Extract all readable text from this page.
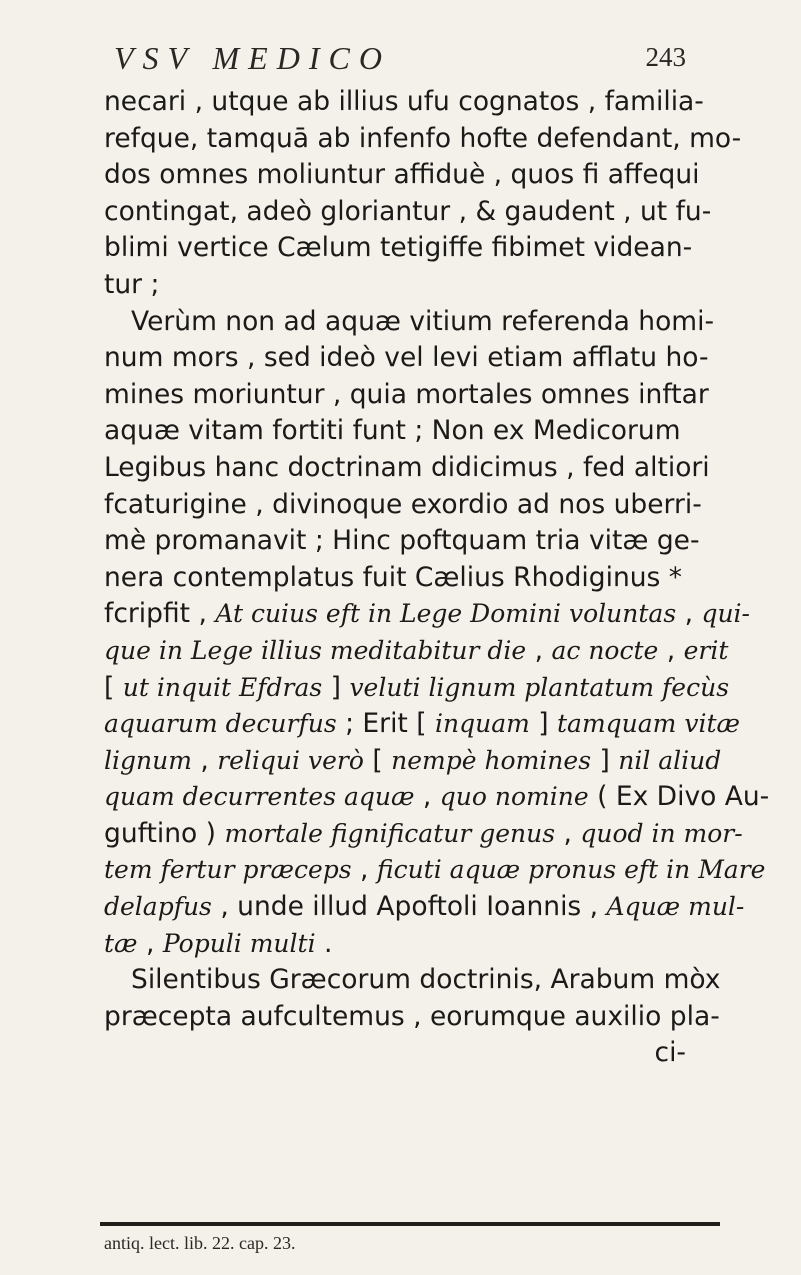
VSV MEDICO	243
necari , utque ab illius ufu cognatos , familia-
refque, tamquā ab infenfo hofte defendant, mo-
dos omnes moliuntur affiduè , quos fi affequi
contingat, adeò gloriantur , & gaudent , ut fu-
blimi vertice Cælum tetigiffe fibimet videan-
tur ;
Verùm non ad aquæ vitium referenda homi-
num mors , sed ideò vel levi etiam afflatu ho-
mines moriuntur , quia mortales omnes inftar
aquæ vitam fortiti funt ; Non ex Medicorum
Legibus hanc doctrinam didicimus , fed altiori
fcaturigine , divinoque exordio ad nos uberri-
mè promanavit ; Hinc poftquam tria vitæ ge-
nera contemplatus fuit Cælius Rhodiginus *
fcripfit , At cuius eft in Lege Domini voluntas , qui-
que in Lege illius meditabitur die , ac nocte , erit
[ ut inquit Efdras ] veluti lignum plantatum fecùs
aquarum decurfus ; Erit [ inquam ] tamquam vitæ
lignum , reliqui verò [ nempè homines ] nil aliud
quam decurrentes aquæ , quo nomine ( Ex Divo Au-
guftino ) mortale fignificatur genus , quod in mor-
tem fertur præceps , ficuti aquæ pronus eft in Mare
delapfus , unde illud Apoftoli Ioannis , Aquæ mul-
tæ , Populi multi .
Silentibus Græcorum doctrinis, Arabum mòx
præcepta aufcultemus , eorumque auxilio pla-
ci-
antiq. lect. lib. 22. cap. 23.
